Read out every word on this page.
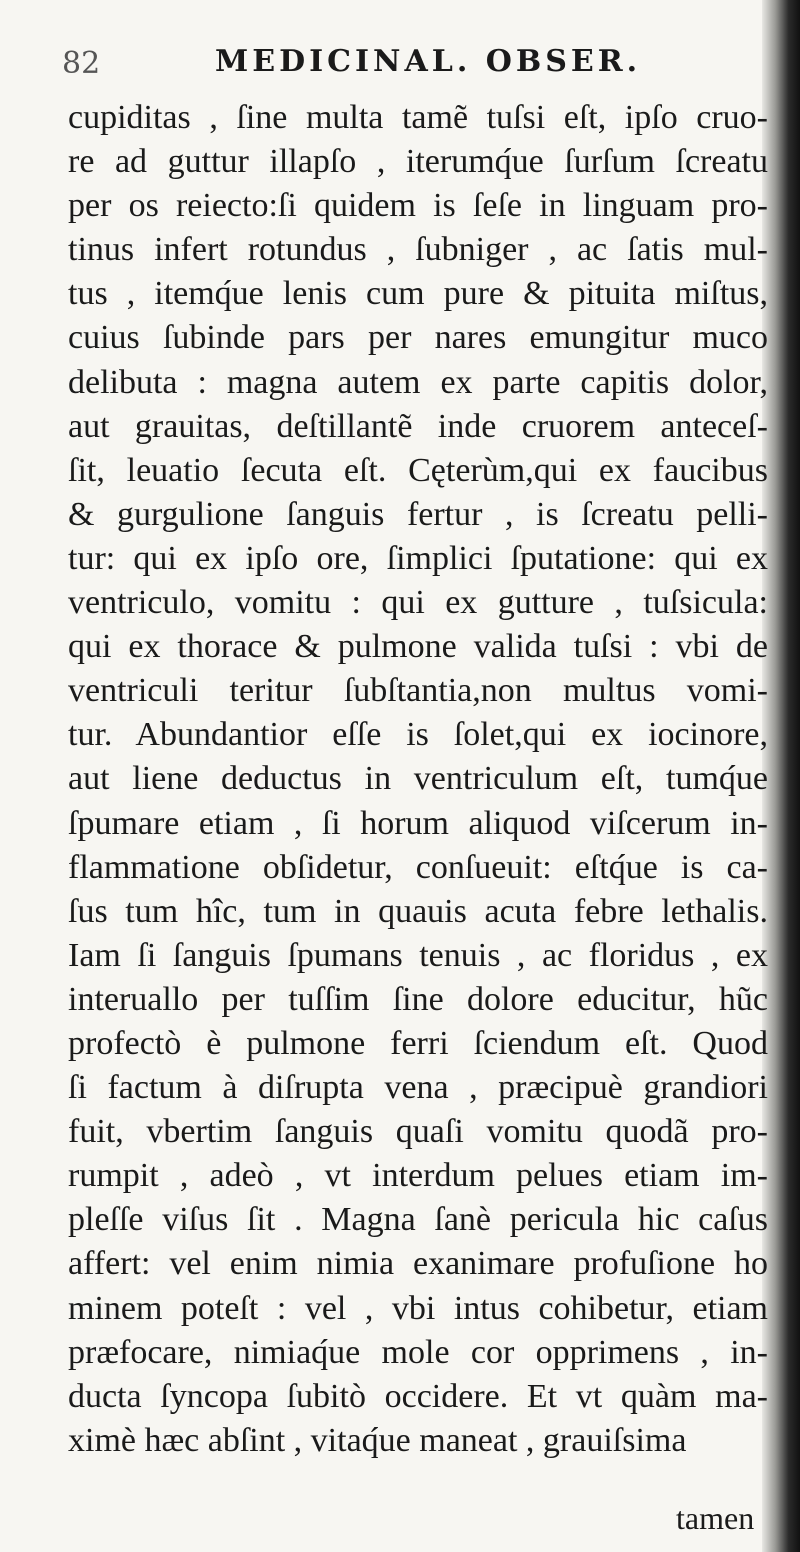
82	MEDICINAL. OBSER.
cupiditas , ſine multa tamẽ tuſsi eſt, ipſo cruo-
re ad guttur illapſo , iterumq́ue ſurſum ſcreatu
per os reiecto:ſi quidem is ſeſe in linguam pro-
tinus infert rotundus , ſubniger , ac ſatis mul-
tus , itemq́ue lenis cum pure & pituita miſtus,
cuius ſubinde pars per nares emungitur muco
delibuta : magna autem ex parte capitis dolor,
aut grauitas, deſtillantẽ inde cruorem anteceſ-
ſit, leuatio ſecuta eſt. Cęterùm,qui ex faucibus
& gurgulione ſanguis fertur , is ſcreatu pelli-
tur: qui ex ipſo ore, ſimplici ſputatione: qui ex
ventriculo, vomitu : qui ex gutture , tuſsicula:
qui ex thorace & pulmone valida tuſsi : vbi de
ventriculi teritur ſubſtantia,non multus vomi-
tur. Abundantior eſſe is ſolet,qui ex iocinore,
aut liene deductus in ventriculum eſt, tumq́ue
ſpumare etiam , ſi horum aliquod viſcerum in-
flammatione obſidetur, conſueuit: eſtq́ue is ca-
ſus tum hîc, tum in quauis acuta febre lethalis.
Iam ſi ſanguis ſpumans tenuis , ac floridus , ex
interuallo per tuſſim ſine dolore educitur, hũc
profectò è pulmone ferri ſciendum eſt. Quod
ſi factum à diſrupta vena , præcipuè grandiori
fuit, vbertim ſanguis quaſi vomitu quodã pro-
rumpit , adeò , vt interdum pelues etiam im-
pleſſe viſus ſit . Magna ſanè pericula hic caſus
affert: vel enim nimia exanimare profuſione ho
minem poteſt : vel , vbi intus cohibetur, etiam
præfocare, nimiaq́ue mole cor opprimens , in-
ducta ſyncopa ſubitò occidere. Et vt quàm ma-
ximè hæc abſint , vitaq́ue maneat , grauiſsima
tamen
